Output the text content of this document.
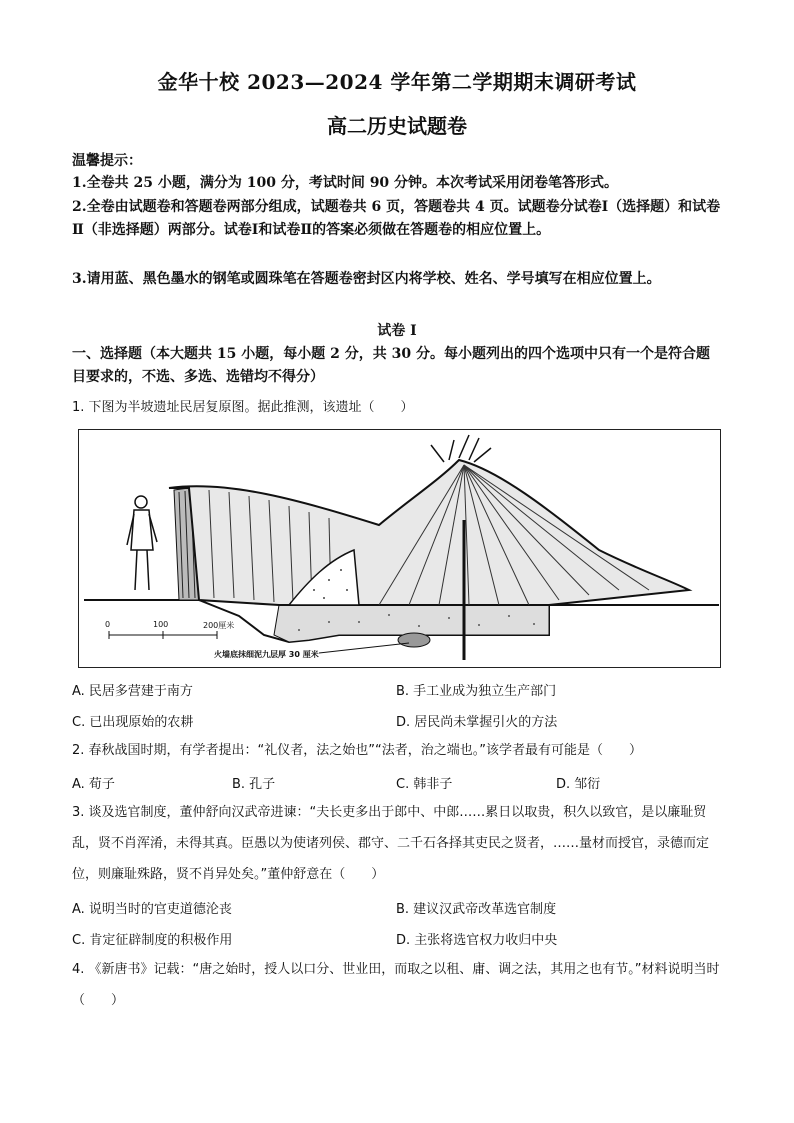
金华十校 2023—2024 学年第二学期期末调研考试
高二历史试题卷
温馨提示：
1.全卷共 25 小题，满分为 100 分，考试时间 90 分钟。本次考试采用闭卷笔答形式。
2.全卷由试题卷和答题卷两部分组成，试题卷共 6 页，答题卷共 4 页。试题卷分试卷Ⅰ（选择题）和试卷Ⅱ（非选择题）两部分。试卷Ⅰ和试卷Ⅱ的答案必须做在答题卷的相应位置上。
3.请用蓝、黑色墨水的钢笔或圆珠笔在答题卷密封区内将学校、姓名、学号填写在相应位置上。
试卷 I
一、选择题（本大题共 15 小题，每小题 2 分，共 30 分。每小题列出的四个选项中只有一个是符合题目要求的，不选、多选、选错均不得分）
1. 下图为半坡遗址民居复原图。据此推测，该遗址（　　）
0	100	200厘米
火墙底抹细泥九层厚 30 厘米
A. 民居多营建于南方	B. 手工业成为独立生产部门
C. 已出现原始的农耕	D. 居民尚未掌握引火的方法
2. 春秋战国时期，有学者提出：“礼仪者，法之始也”“法者，治之端也。”该学者最有可能是（　　）
A. 荀子	B. 孔子	C. 韩非子	D. 邹衍
3. 谈及选官制度，董仲舒向汉武帝进谏：“夫长吏多出于郎中、中郎……累日以取贵，积久以致官，是以廉耻贸乱，贤不肖浑淆，未得其真。臣愚以为使诸列侯、郡守、二千石各择其吏民之贤者，……量材而授官，录德而定位，则廉耻殊路，贤不肖异处矣。”董仲舒意在（　　）
A. 说明当时的官吏道德沦丧	B. 建议汉武帝改革选官制度
C. 肯定征辟制度的积极作用	D. 主张将选官权力收归中央
4. 《新唐书》记载：“唐之始时，授人以口分、世业田，而取之以租、庸、调之法，其用之也有节。”材料说明当时（　　）
